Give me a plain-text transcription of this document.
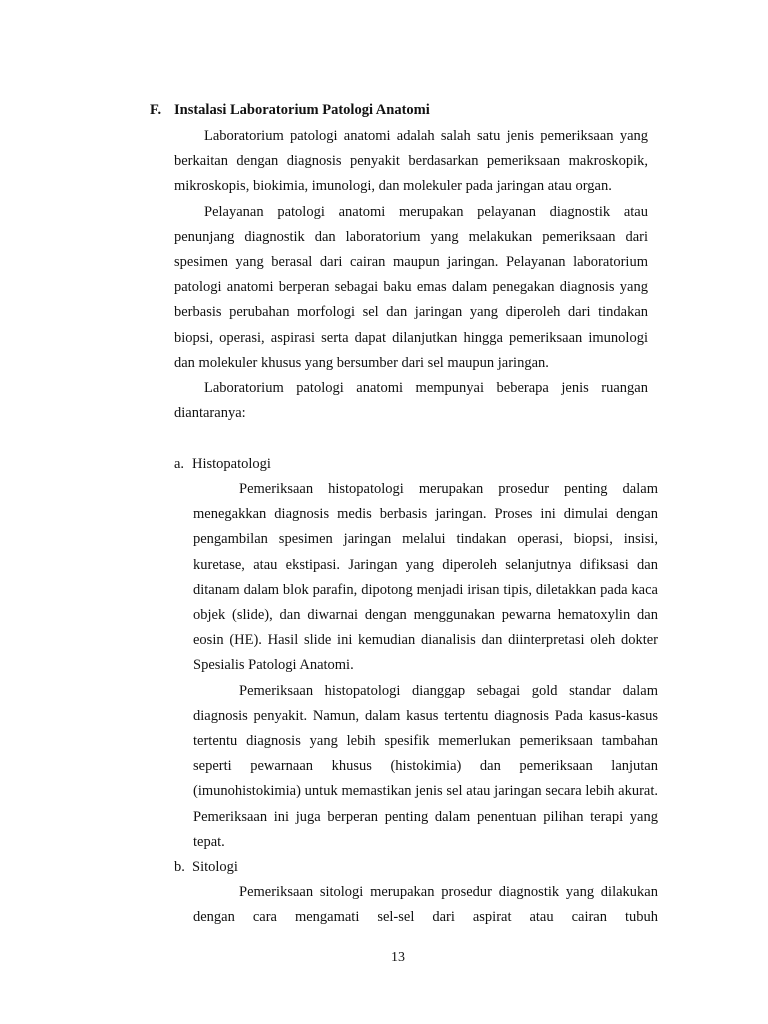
F. Instalasi Laboratorium Patologi Anatomi

Laboratorium patologi anatomi adalah salah satu jenis pemeriksaan yang berkaitan dengan diagnosis penyakit berdasarkan pemeriksaan makroskopik, mikroskopis, biokimia, imunologi, dan molekuler pada jaringan atau organ.

Pelayanan patologi anatomi merupakan pelayanan diagnostik atau penunjang diagnostik dan laboratorium yang melakukan pemeriksaan dari spesimen yang berasal dari cairan maupun jaringan. Pelayanan laboratorium patologi anatomi berperan sebagai baku emas dalam penegakan diagnosis yang berbasis perubahan morfologi sel dan jaringan yang diperoleh dari tindakan biopsi, operasi, aspirasi serta dapat dilanjutkan hingga pemeriksaan imunologi dan molekuler khusus yang bersumber dari sel maupun jaringan.

Laboratorium patologi anatomi mempunyai beberapa jenis ruangan diantaranya:

a. Histopatologi

Pemeriksaan histopatologi merupakan prosedur penting dalam menegakkan diagnosis medis berbasis jaringan. Proses ini dimulai dengan pengambilan spesimen jaringan melalui tindakan operasi, biopsi, insisi, kuretase, atau ekstipasi. Jaringan yang diperoleh selanjutnya difiksasi dan ditanam dalam blok parafin, dipotong menjadi irisan tipis, diletakkan pada kaca objek (slide), dan diwarnai dengan menggunakan pewarna hematoxylin dan eosin (HE). Hasil slide ini kemudian dianalisis dan diinterpretasi oleh dokter Spesialis Patologi Anatomi.

Pemeriksaan histopatologi dianggap sebagai gold standar dalam diagnosis penyakit. Namun, dalam kasus tertentu diagnosis Pada kasus-kasus tertentu diagnosis yang lebih spesifik memerlukan pemeriksaan tambahan seperti pewarnaan khusus (histokimia) dan pemeriksaan lanjutan (imunohistokimia) untuk memastikan jenis sel atau jaringan secara lebih akurat. Pemeriksaan ini juga berperan penting dalam penentuan pilihan terapi yang tepat.

b. Sitologi

Pemeriksaan sitologi merupakan prosedur diagnostik yang dilakukan dengan cara mengamati sel-sel dari aspirat atau cairan tubuh

13
